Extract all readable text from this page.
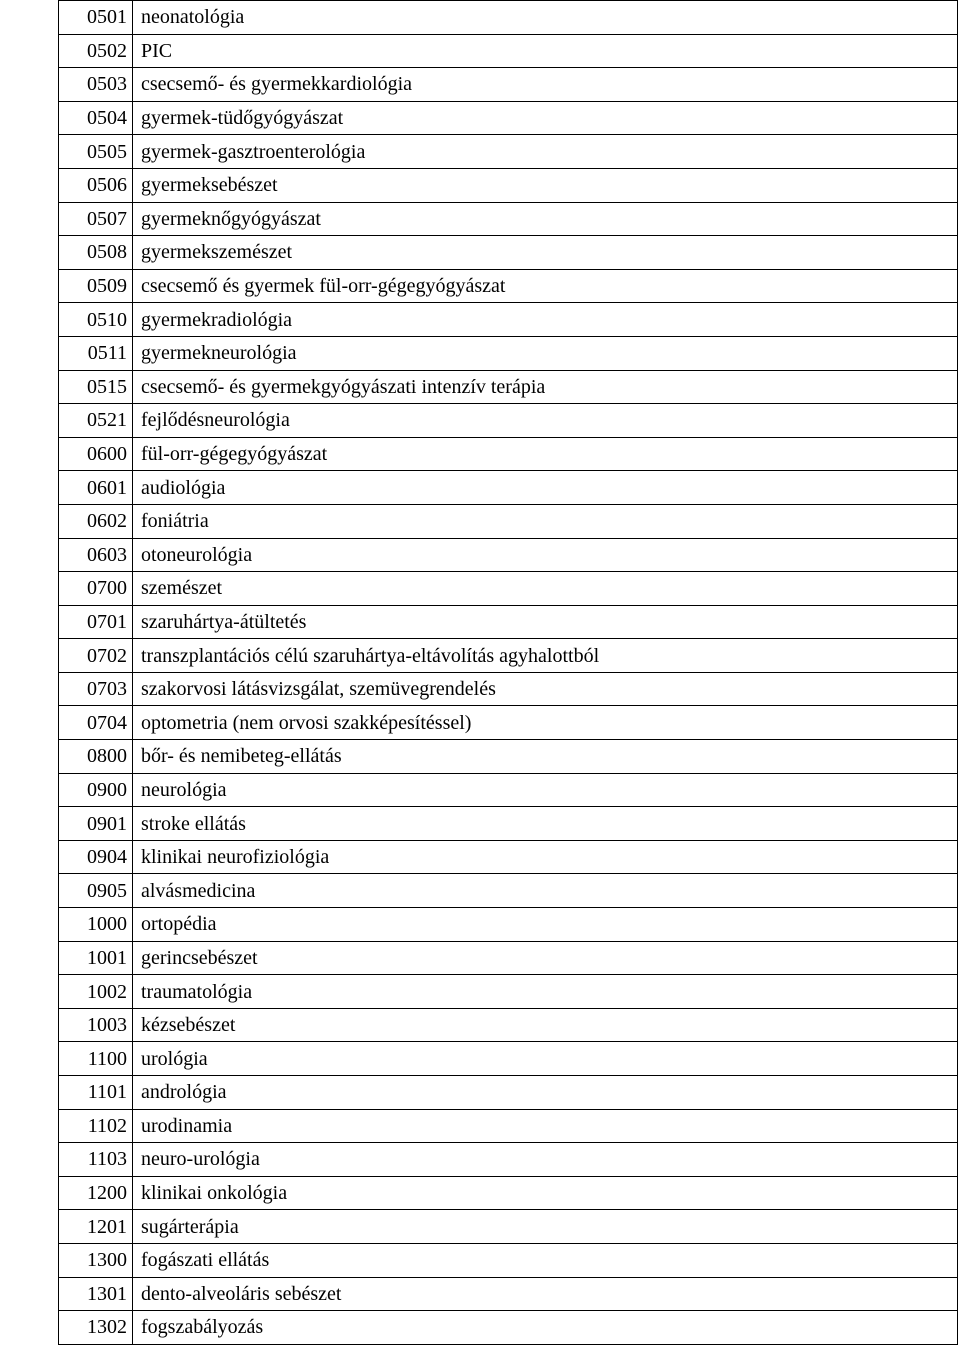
0501	neonatológia
0502	PIC
0503	csecsemő- és gyermekkardiológia
0504	gyermek-tüdőgyógyászat
0505	gyermek-gasztroenterológia
0506	gyermeksebészet
0507	gyermeknőgyógyászat
0508	gyermekszemészet
0509	csecsemő és gyermek fül-orr-gégegyógyászat
0510	gyermekradiológia
0511	gyermekneurológia
0515	csecsemő- és gyermekgyógyászati intenzív terápia
0521	fejlődésneurológia
0600	fül-orr-gégegyógyászat
0601	audiológia
0602	foniátria
0603	otoneurológia
0700	szemészet
0701	szaruhártya-átültetés
0702	transzplantációs célú szaruhártya-eltávolítás agyhalottból
0703	szakorvosi látásvizsgálat, szemüvegrendelés
0704	optometria (nem orvosi szakképesítéssel)
0800	bőr- és nemibeteg-ellátás
0900	neurológia
0901	stroke ellátás
0904	klinikai neurofiziológia
0905	alvásmedicina
1000	ortopédia
1001	gerincsebészet
1002	traumatológia
1003	kézsebészet
1100	urológia
1101	andrológia
1102	urodinamia
1103	neuro-urológia
1200	klinikai onkológia
1201	sugárterápia
1300	fogászati ellátás
1301	dento-alveoláris sebészet
1302	fogszabályozás
